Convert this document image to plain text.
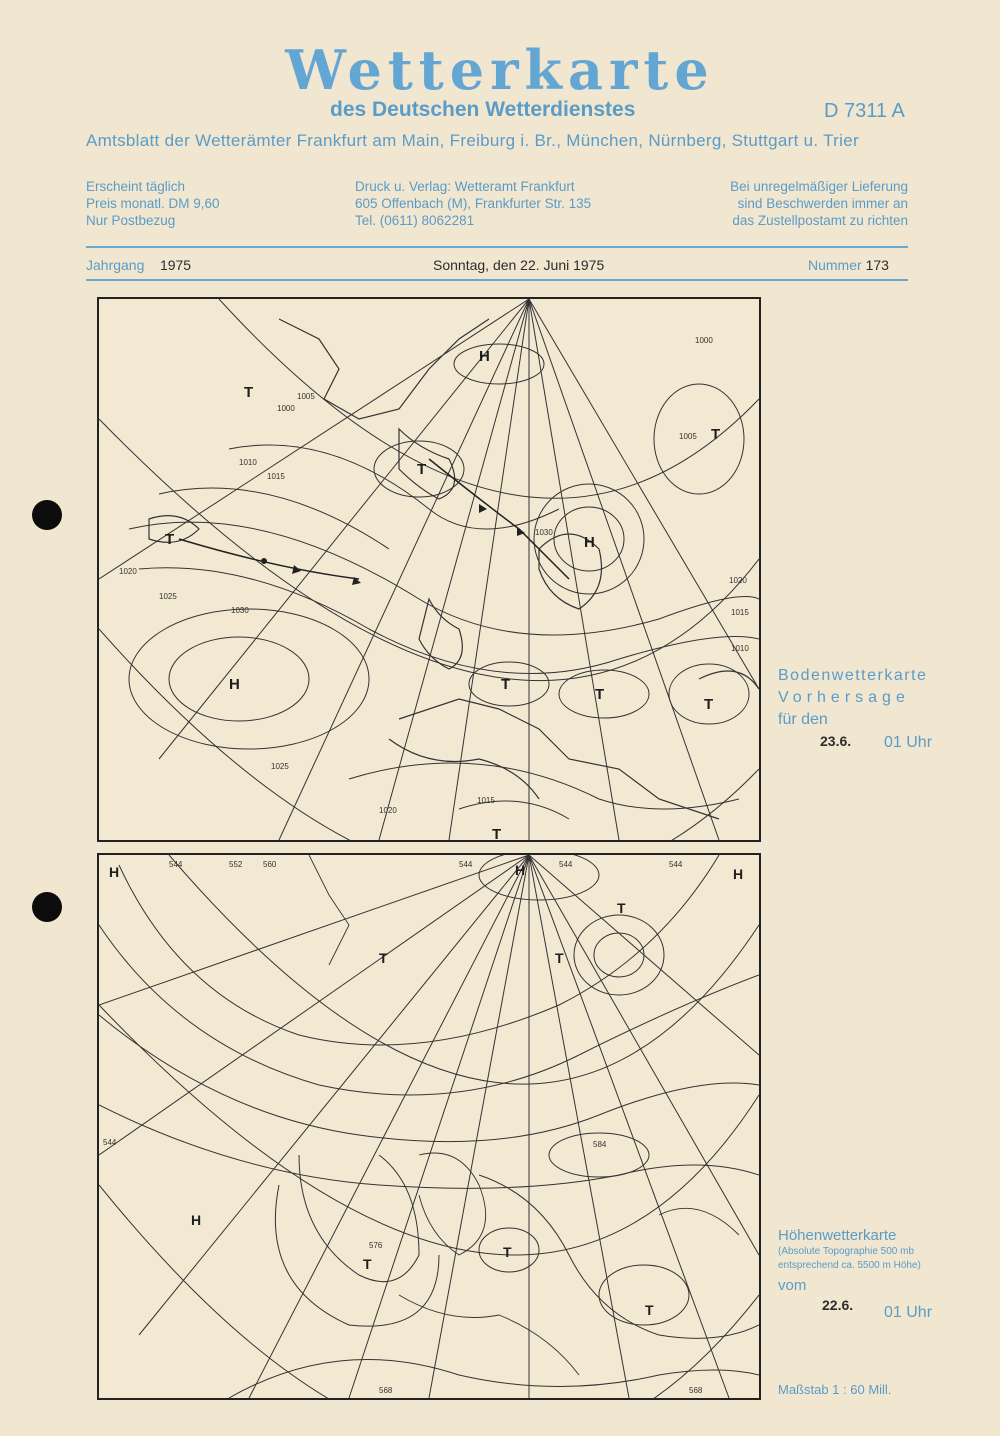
Wetterkarte
des Deutschen Wetterdienstes	D 7311 A
Amtsblatt der Wetterämter Frankfurt am Main, Freiburg i. Br., München, Nürnberg, Stuttgart u. Trier
Erscheint täglich
Preis monatl. DM 9,60
Nur Postbezug
Druck u. Verlag: Wetteramt Frankfurt
605 Offenbach (M), Frankfurter Str. 135
Tel. (0611) 8062281
Bei unregelmäßiger Lieferung
sind Beschwerden immer an
das Zustellpostamt zu richten
Jahrgang 1975	Sonntag, den 22. Juni 1975	Nummer 173
T
T
H
T
T	H
H	T
T
T
T
1005
1000
1010
1015
1020
1025
1030
1030
1020
1015
1010
1025
1020
1015
1000
1005
Bodenwetterkarte
Vorhersage
für den
23.6. 01 Uhr
H	H	H
T
T	T
H
T
T
T
544	552	560	544	544	544
544
576
584
568	568
Höhenwetterkarte
(Absolute Topographie 500 mb
entsprechend ca. 5500 m Höhe)
vom
22.6. 01 Uhr
Maßstab 1 : 60 Mill.
